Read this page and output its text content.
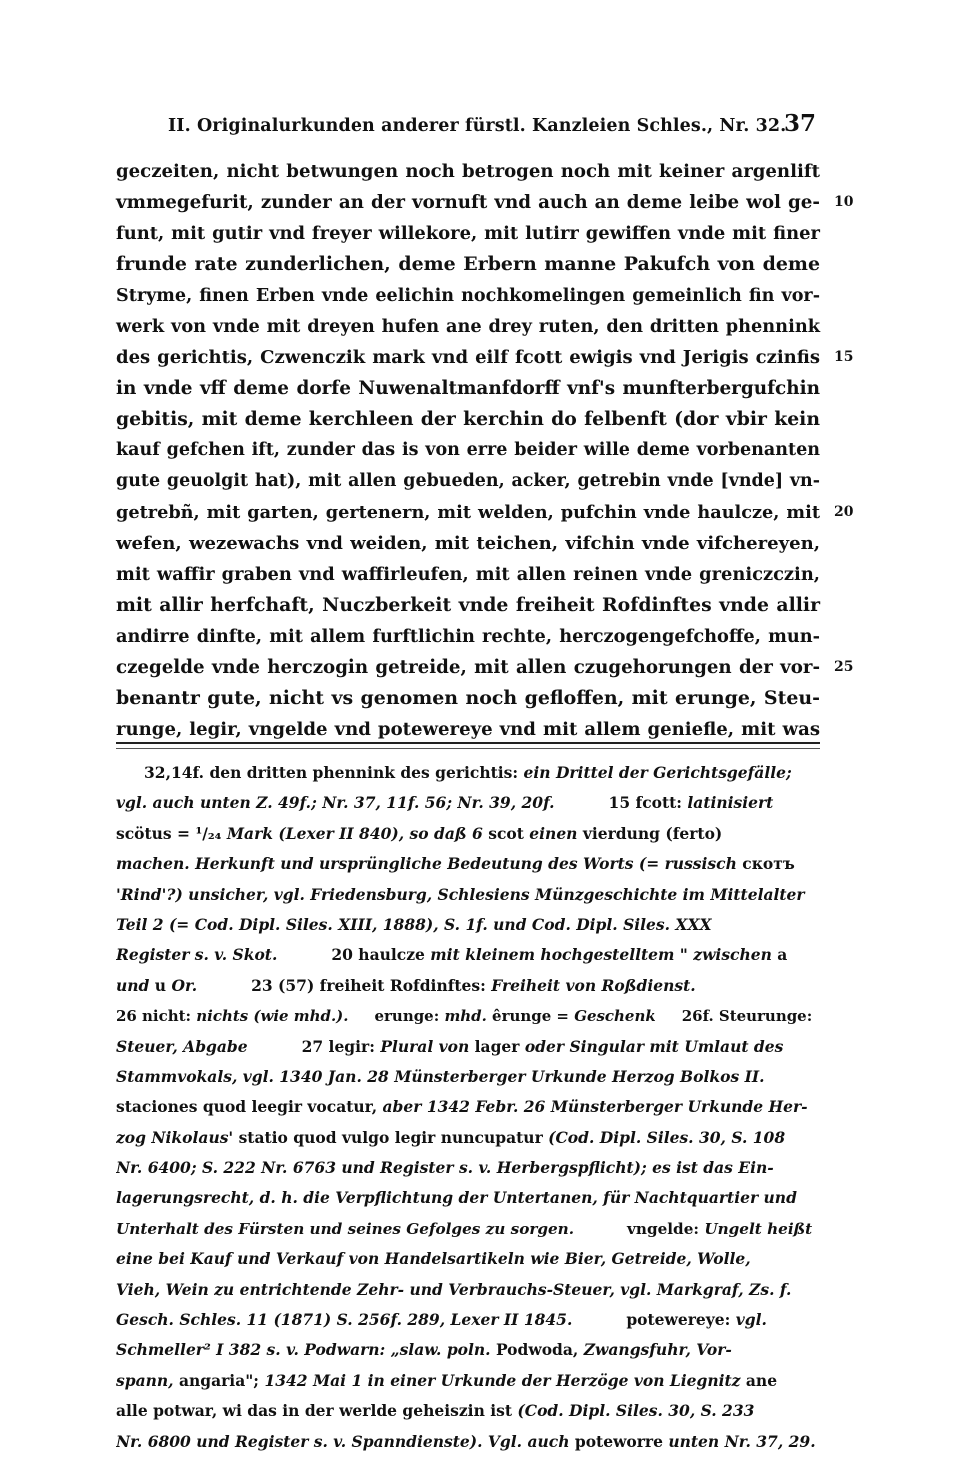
II. Originalurkunden anderer fürstl. Kanzleien Schles., Nr. 32.
37
geczeiten, nicht betwungen noch betrogen noch mit keiner argenlift
vmmegefurit, zunder an der vornuft vnd auch an deme leibe wol ge- 10
funt, mit gutir vnd freyer willekore, mit lutirr gewiffen vnde mit finer
frunde rate zunderlichen, deme Erbern manne Pakufch von deme
Stryme, finen Erben vnde eelichin nochkomelingen gemeinlich fin vor-
werk von vnde mit dreyen hufen ane drey ruten, den dritten phennink
des gerichtis, Czwenczik mark vnd eilf fcott ewigis vnd Jerigis czinfis 15
in vnde vff deme dorfe Nuwenaltmanfdorff vnf's munfterbergufchin
gebitis, mit deme kerchleen der kerchin do felbenft (dor vbir kein
kauf gefchen ift, zunder das is von erre beider wille deme vorbenanten
gute geuolgit hat), mit allen gebueden, acker, getrebin vnde [vnde] vn-
getrebñ, mit garten, gertenern, mit welden, pufchin vnde haulcze, mit 20
wefen, wezewachs vnd weiden, mit teichen, vifchin vnde vifchereyen,
mit waffir graben vnd waffirleufen, mit allen reinen vnde greniczczin,
mit allir herfchaft, Nuczberkeit vnde freiheit Rofdinftes vnde allir
andirre dinfte, mit allem furftlichin rechte, herczogengefchoffe, mun-
czegelde vnde herczogin getreide, mit allen czugehorungen der vor- 25
benantr gute, nicht vs genomen noch gefloffen, mit erunge, Steu-
runge, legir, vngelde vnd potewereye vnd mit allem geniefle, mit was
32,14f. den dritten phennink des gerichtis: ein Drittel der Gerichtsgefälle;
vgl. auch unten Z. 49f.; Nr. 37, 11f. 56; Nr. 39, 20f.          15 fcott: latinisiert
scötus = ¹/₂₄ Mark (Lexer II 840), so daß 6 scot einen vierdung (ferto)
machen. Herkunft und ursprüngliche Bedeutung des Worts (= russisch скотъ
'Rind'?) unsicher, vgl. Friedensburg, Schlesiens Münzgeschichte im Mittelalter
Teil 2 (= Cod. Dipl. Siles. XIII, 1888), S. 1f. und Cod. Dipl. Siles. XXX
Register s. v. Skot.          20 haulcze mit kleinem hochgestelltem " zwischen a
und u Or.          23 (57) freiheit Rofdinftes: Freiheit von Roßdienst.
26 nicht: nichts (wie mhd.).     erunge: mhd. êrunge = Geschenk     26f. Steurunge:
Steuer, Abgabe          27 legir: Plural von lager oder Singular mit Umlaut des
Stammvokals, vgl. 1340 Jan. 28 Münsterberger Urkunde Herzog Bolkos II.
staciones quod leegir vocatur, aber 1342 Febr. 26 Münsterberger Urkunde Her-
zog Nikolaus' statio quod vulgo legir nuncupatur (Cod. Dipl. Siles. 30, S. 108
Nr. 6400; S. 222 Nr. 6763 und Register s. v. Herbergspflicht); es ist das Ein-
lagerungsrecht, d. h. die Verpflichtung der Untertanen, für Nachtquartier und
Unterhalt des Fürsten und seines Gefolges zu sorgen.          vngelde: Ungelt heißt
eine bei Kauf und Verkauf von Handelsartikeln wie Bier, Getreide, Wolle,
Vieh, Wein zu entrichtende Zehr- und Verbrauchs-Steuer, vgl. Markgraf, Zs. f.
Gesch. Schles. 11 (1871) S. 256f. 289, Lexer II 1845.          potewereye: vgl.
Schmeller² I 382 s. v. Podwarn: „slaw. poln. Podwoda, Zwangsfuhr, Vor-
spann, angaria"; 1342 Mai 1 in einer Urkunde der Herzöge von Liegnitz ane
alle potwar, wi das in der werlde geheiszin ist (Cod. Dipl. Siles. 30, S. 233
Nr. 6800 und Register s. v. Spanndienste). Vgl. auch poteworre unten Nr. 37, 29.
